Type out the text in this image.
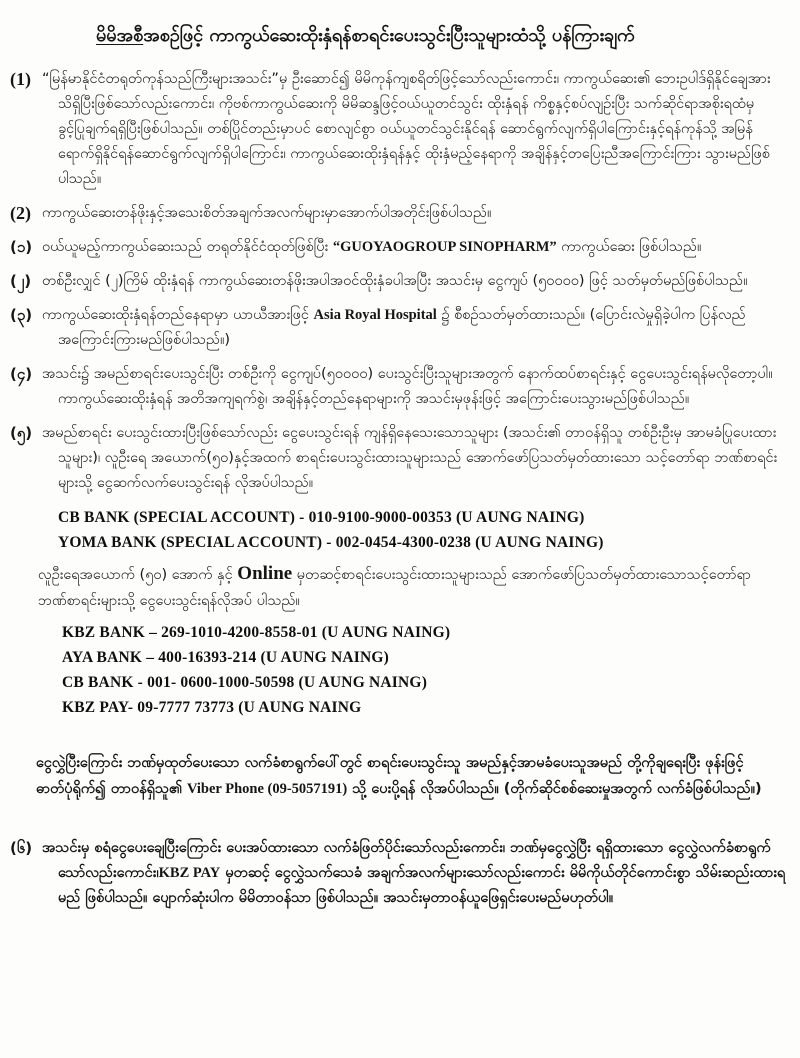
မိမိအစီအစဉ်ဖြင့် ကာကွယ်ဆေးထိုးနှံရန်စာရင်းပေးသွင်းပြီးသူများထံသို့ ပန်ကြားချက်
(1) “မြန်မာနိုင်ငံတရုတ်ကုန်သည်ကြီးများအသင်း”မှ ဦးဆောင်၍ မိမိကုန်ကျစရိတ်ဖြင့်သော်လည်းကောင်း၊ ကာကွယ်ဆေး၏ ဘေးဥပါဒ်ရှိနိုင်ချေအား သိရှိပြီးဖြစ်သော်လည်းကောင်း၊ ကိုဗစ်ကာကွယ်ဆေးကို မိမိဆန္ဒဖြင့်ဝယ်ယူတင်သွင်း ထိုးနှံရန် ကိစ္စနှင့်စပ်လျဉ်းပြီး သက်ဆိုင်ရာအစိုးရထံမှ ခွင့်ပြုချက်ရရှိပြီးဖြစ်ပါသည်။ တစ်ပြိုင်တည်းမှာပင် စောလျင်စွာ ဝယ်ယူတင်သွင်းနိုင်ရန် ဆောင်ရွက်လျက်ရှိပါကြောင်းနှင့်ရန်ကုန်သို့ အမြန်ရောက်ရှိနိုင်ရန်ဆောင်ရွက်လျက်ရှိပါကြောင်း၊ ကာကွယ်ဆေးထိုးနှံရန်နှင့် ထိုးနှံမည့်နေရာကို အချိန်နှင့်တပြေးညီအကြောင်းကြား သွားမည်ဖြစ်ပါသည်။
(2) ကာကွယ်ဆေးတန်ဖိုးနှင့်အသေးစိတ်အချက်အလက်များမှာအောက်ပါအတိုင်းဖြစ်ပါသည်။
(၁) ဝယ်ယူမည့်ကာကွယ်ဆေးသည် တရုတ်နိုင်ငံထုတ်ဖြစ်ပြီး “GUOYAOGROUP SINOPHARM” ကာကွယ်ဆေး ဖြစ်ပါသည်။
(၂) တစ်ဦးလျှင် (၂)ကြိမ် ထိုးနှံရန် ကာကွယ်ဆေးတန်ဖိုးအပါအဝင်ထိုးနှံခပါအပြီး အသင်းမှ ငွေကျပ် (၅၀၀၀၀) ဖြင့် သတ်မှတ်မည်ဖြစ်ပါသည်။
(၃) ကာကွယ်ဆေးထိုးနှံရန်တည်နေရာမှာ ယာယီအားဖြင့် Asia Royal Hospital ၌ စီစဉ်သတ်မှတ်ထားသည်။ (ပြောင်းလဲမှုရှိခဲ့ပါက ပြန်လည်အကြောင်းကြားမည်ဖြစ်ပါသည်။)
(၄) အသင်း၌ အမည်စာရင်းပေးသွင်းပြီး တစ်ဦးကို ငွေကျပ်(၅၀၀၀၀) ပေးသွင်းပြီးသူများအတွက် နောက်ထပ်စာရင်းနှင့် ငွေပေးသွင်းရန်မလိုတော့ပါ။ ကာကွယ်ဆေးထိုးနှံရန် အတိအကျရက်စွဲ၊ အချိန်နှင့်တည်နေရာများကို အသင်းမှဖုန်းဖြင့် အကြောင်းပေးသွားမည်ဖြစ်ပါသည်။
(၅) အမည်စာရင်း ပေးသွင်းထားပြီးဖြစ်သော်လည်း ငွေပေးသွင်းရန် ကျန်ရှိနေသေးသောသူများ (အသင်း၏ တာဝန်ရှိသူ တစ်ဦးဦးမှ အာမခံပြုပေးထားသူများ)၊ လူဦးရေ အယောက်(၅၀)နှင့်အထက် စာရင်းပေးသွင်းထားသူများသည် အောက်ဖော်ပြသတ်မှတ်ထားသော သင့်တော်ရာ ဘဏ်စာရင်းများသို့ ငွေဆက်လက်ပေးသွင်းရန် လိုအပ်ပါသည်။
CB BANK (SPECIAL ACCOUNT) - 010-9100-9000-00353 (U AUNG NAING)
YOMA BANK (SPECIAL ACCOUNT) - 002-0454-4300-0238 (U AUNG NAING)
လူဦးရေအယောက် (၅၀) အောက် နှင့် Online မှတဆင့်စာရင်းပေးသွင်းထားသူများသည် အောက်ဖော်ပြသတ်မှတ်ထားသောသင့်တော်ရာဘဏ်စာရင်းများသို့ ငွေပေးသွင်းရန်လိုအပ် ပါသည်။
KBZ BANK – 269-1010-4200-8558-01 (U AUNG NAING)
AYA BANK – 400-16393-214 (U AUNG NAING)
CB BANK - 001- 0600-1000-50598 (U AUNG NAING)
KBZ PAY- 09-7777 73773 (U AUNG NAING
ငွေလွှဲပြီးကြောင်း ဘဏ်မှထုတ်ပေးသော လက်ခံစာရွက်ပေါ်တွင် စာရင်းပေးသွင်းသူ အမည်နှင့်အာမခံပေးသူအမည် တို့ကိုချရေးပြီး ဖုန်းဖြင့်ဓာတ်ပုံရိုက်၍ တာဝန်ရှိသူ၏ Viber Phone (09-5057191) သို့ ပေးပို့ရန် လိုအပ်ပါသည်။ (တိုက်ဆိုင်စစ်ဆေးမှုအတွက် လက်ခံဖြစ်ပါသည်။)
(၆) အသင်းမှ စရံငွေပေးချေပြီးကြောင်း ပေးအပ်ထားသော လက်ခံဖြတ်ပိုင်းသော်လည်းကောင်း၊ ဘဏ်မှငွေလွှဲပြီး ရရှိထားသော ငွေလွှဲလက်ခံစာရွက်သော်လည်းကောင်း၊KBZ PAY မှတဆင့် ငွေလွှဲသက်သေခံ အချက်အလက်များသော်လည်းကောင်း မိမိကိုယ်တိုင်ကောင်းစွာ သိမ်းဆည်းထားရမည် ဖြစ်ပါသည်။ ပျောက်ဆုံးပါက မိမိတာဝန်သာ ဖြစ်ပါသည်။ အသင်းမှတာဝန်ယူဖြေရှင်းပေးမည်မဟုတ်ပါ။
